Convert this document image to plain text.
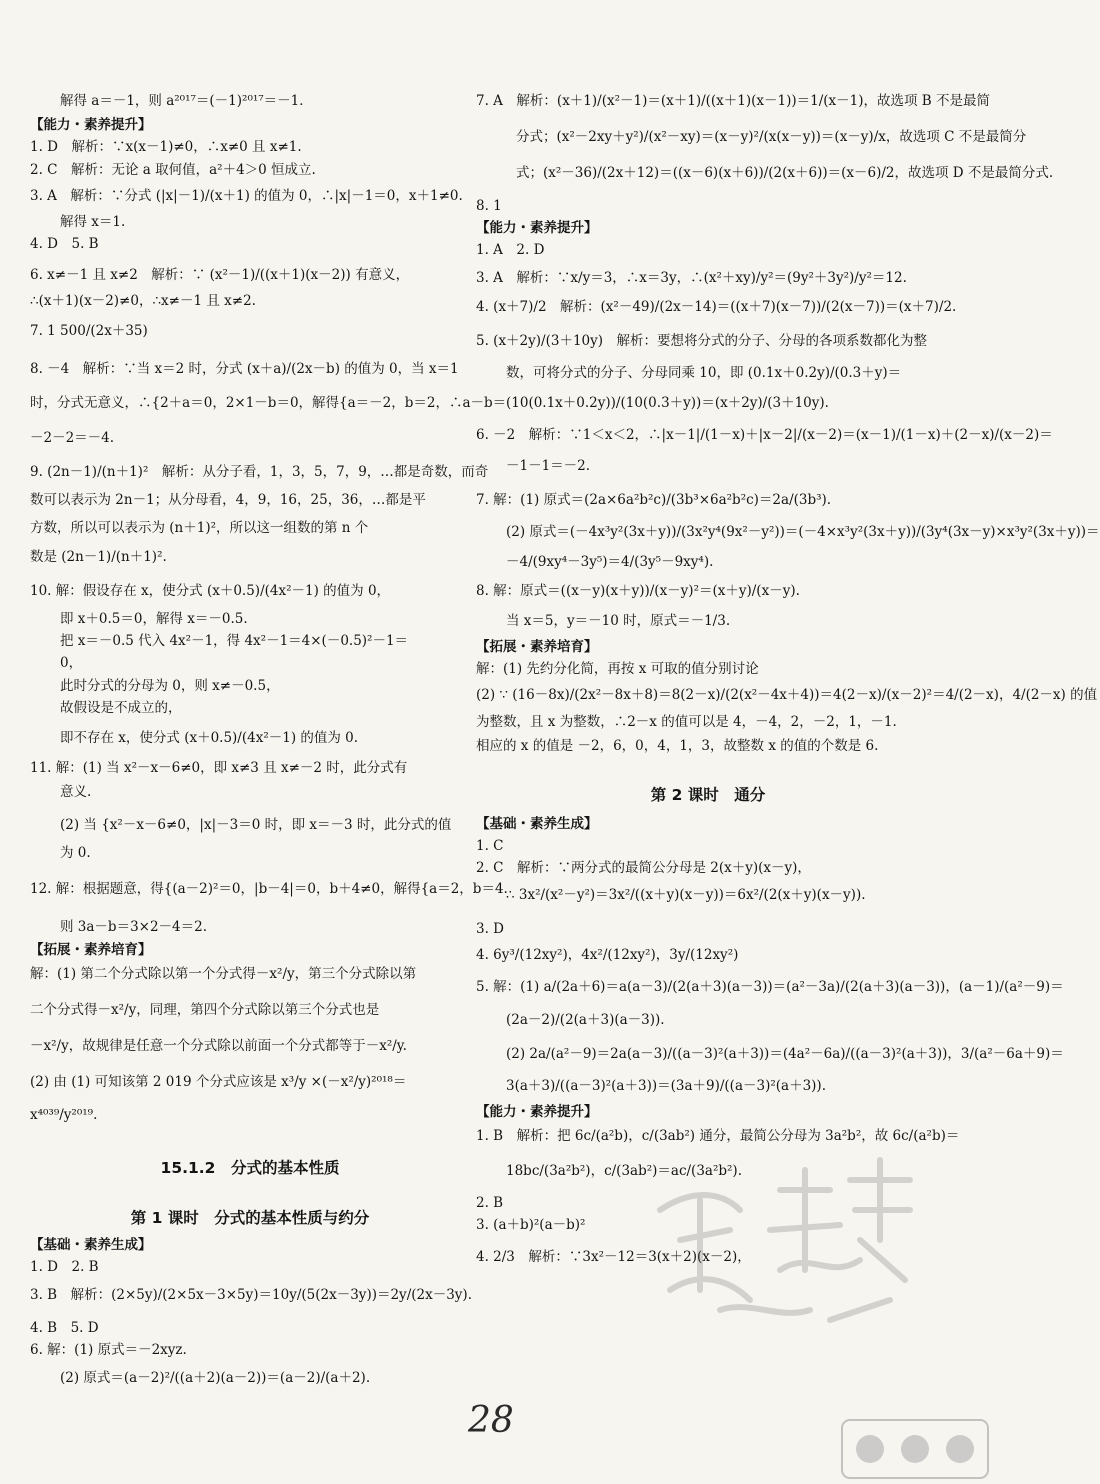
解得 a＝－1，则 a²⁰¹⁷＝(－1)²⁰¹⁷＝－1．
【能力・素养提升】
1. D　解析：∵x(x－1)≠0，∴x≠0 且 x≠1.
2. C　解析：无论 a 取何值，a²＋4＞0 恒成立.
3. A　解析：∵分式 (|x|－1)/(x＋1) 的值为 0，∴|x|－1＝0，x＋1≠0.
解得 x＝1.
4. D　5. B
6. x≠－1 且 x≠2　解析：∵ (x²－1)/((x＋1)(x－2)) 有意义，
∴(x＋1)(x－2)≠0，∴x≠－1 且 x≠2.
7. 1 500/(2x＋35)
8. －4　解析：∵当 x＝2 时，分式 (x＋a)/(2x－b) 的值为 0，当 x＝1
时，分式无意义，∴{2＋a＝0，2×1－b＝0，解得{a＝－2，b＝2，∴a－b＝
－2－2＝－4.
9. (2n－1)/(n＋1)²　解析：从分子看，1，3，5，7，9，…都是奇数，而奇
数可以表示为 2n－1；从分母看，4，9，16，25，36，…都是平
方数，所以可以表示为 (n＋1)²，所以这一组数的第 n 个
数是 (2n－1)/(n＋1)².
10. 解：假设存在 x，使分式 (x＋0.5)/(4x²－1) 的值为 0，
即 x＋0.5＝0，解得 x＝－0.5.
把 x＝－0.5 代入 4x²－1，得 4x²－1＝4×(－0.5)²－1＝
0，
此时分式的分母为 0，则 x≠－0.5，
故假设是不成立的，
即不存在 x，使分式 (x＋0.5)/(4x²－1) 的值为 0.
11. 解：(1) 当 x²－x－6≠0，即 x≠3 且 x≠－2 时，此分式有
意义.
(2) 当 {x²－x－6≠0，|x|－3＝0 时，即 x＝－3 时，此分式的值
为 0.
12. 解：根据题意，得{(a－2)²＝0，|b－4|＝0，b＋4≠0，解得{a＝2，b＝4.
则 3a－b＝3×2－4＝2.
【拓展・素养培育】
解：(1) 第二个分式除以第一个分式得－x²/y，第三个分式除以第
二个分式得－x²/y，同理，第四个分式除以第三个分式也是
－x²/y，故规律是任意一个分式除以前面一个分式都等于－x²/y.
(2) 由 (1) 可知该第 2 019 个分式应该是 x³/y ×(－x²/y)²⁰¹⁸＝
x⁴⁰³⁹/y²⁰¹⁹.
15.1.2　分式的基本性质
第 1 课时　分式的基本性质与约分
【基础・素养生成】
1. D　2. B
3. B　解析：(2×5y)/(2×5x－3×5y)＝10y/(5(2x－3y))＝2y/(2x－3y).
4. B　5. D
6. 解：(1) 原式＝－2xyz.
(2) 原式＝(a－2)²/((a＋2)(a－2))＝(a－2)/(a＋2).
7. A　解析：(x＋1)/(x²－1)＝(x＋1)/((x＋1)(x－1))＝1/(x－1)，故选项 B 不是最简
分式；(x²－2xy＋y²)/(x²－xy)＝(x－y)²/(x(x－y))＝(x－y)/x，故选项 C 不是最简分
式；(x²－36)/(2x＋12)＝((x－6)(x＋6))/(2(x＋6))＝(x－6)/2，故选项 D 不是最简分式.
8. 1
【能力・素养提升】
1. A　2. D
3. A　解析：∵x/y＝3，∴x＝3y，∴(x²＋xy)/y²＝(9y²＋3y²)/y²＝12.
4. (x＋7)/2　解析：(x²－49)/(2x－14)＝((x＋7)(x－7))/(2(x－7))＝(x＋7)/2.
5. (x＋2y)/(3＋10y)　解析：要想将分式的分子、分母的各项系数都化为整
数，可将分式的分子、分母同乘 10，即 (0.1x＋0.2y)/(0.3＋y)＝
(10(0.1x＋0.2y))/(10(0.3＋y))＝(x＋2y)/(3＋10y).
6. －2　解析：∵1＜x＜2，∴|x－1|/(1－x)＋|x－2|/(x－2)＝(x－1)/(1－x)＋(2－x)/(x－2)＝
－1－1＝－2.
7. 解：(1) 原式＝(2a×6a²b²c)/(3b³×6a²b²c)＝2a/(3b³).
(2) 原式＝(－4x³y²(3x＋y))/(3x²y⁴(9x²－y²))＝(－4×x³y²(3x＋y))/(3y⁴(3x－y)×x³y²(3x＋y))＝
－4/(9xy⁴－3y⁵)＝4/(3y⁵－9xy⁴).
8. 解：原式＝((x－y)(x＋y))/(x－y)²＝(x＋y)/(x－y).
当 x＝5，y＝－10 时，原式＝－1/3.
【拓展・素养培育】
解：(1) 先约分化简，再按 x 可取的值分别讨论
(2) ∵ (16－8x)/(2x²－8x＋8)＝8(2－x)/(2(x²－4x＋4))＝4(2－x)/(x－2)²＝4/(2－x)，4/(2－x) 的值
为整数，且 x 为整数，∴2－x 的值可以是 4，－4，2，－2，1，－1.
相应的 x 的值是 －2，6，0，4，1，3，故整数 x 的值的个数是 6.
第 2 课时　通分
【基础・素养生成】
1. C
2. C　解析：∵两分式的最简公分母是 2(x＋y)(x－y)，
∴ 3x²/(x²－y²)＝3x²/((x＋y)(x－y))＝6x²/(2(x＋y)(x－y)).
3. D
4. 6y³/(12xy²)，4x²/(12xy²)，3y/(12xy²)
5. 解：(1) a/(2a＋6)＝a(a－3)/(2(a＋3)(a－3))＝(a²－3a)/(2(a＋3)(a－3))，(a－1)/(a²－9)＝
(2a－2)/(2(a＋3)(a－3)).
(2) 2a/(a²－9)＝2a(a－3)/((a－3)²(a＋3))＝(4a²－6a)/((a－3)²(a＋3))，3/(a²－6a＋9)＝
3(a＋3)/((a－3)²(a＋3))＝(3a＋9)/((a－3)²(a＋3)).
【能力・素养提升】
1. B　解析：把 6c/(a²b)，c/(3ab²) 通分，最简公分母为 3a²b²，故 6c/(a²b)＝
18bc/(3a²b²)，c/(3ab²)＝ac/(3a²b²).
2. B
3. (a＋b)²(a－b)²
4. 2/3　解析：∵3x²－12＝3(x＋2)(x－2)，
28
